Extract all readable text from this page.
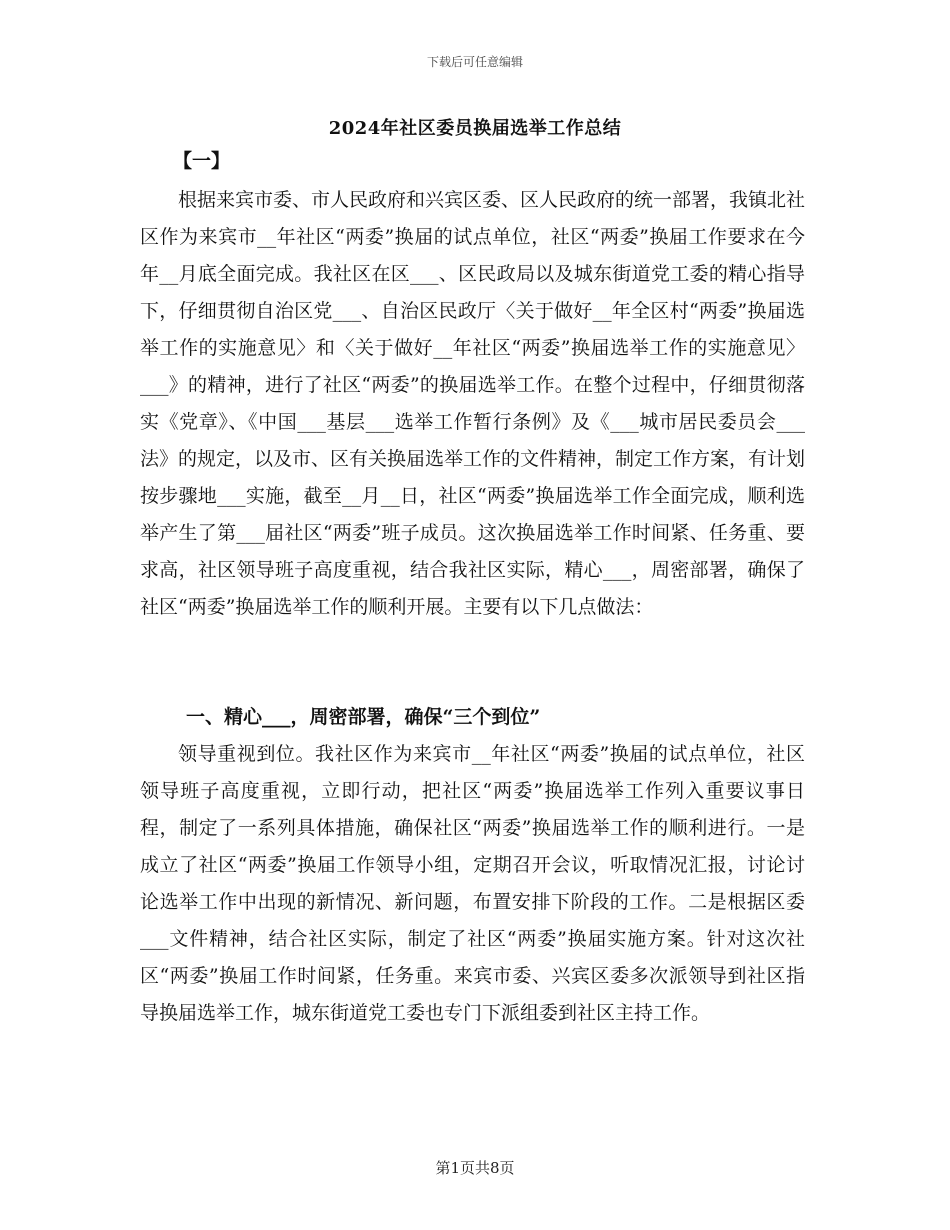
下载后可任意编辑
2024年社区委员换届选举工作总结
【一】

根据来宾市委、市人民政府和兴宾区委、区人民政府的统一部署，我镇北社区作为来宾市__年社区“两委”换届的试点单位，社区“两委”换届工作要求在今年__月底全面完成。我社区在区___、区民政局以及城东街道党工委的精心指导下，仔细贯彻自治区党___、自治区民政厅〈关于做好__年全区村“两委”换届选举工作的实施意见〉和〈关于做好__年社区“两委”换届选举工作的实施意见〉___》的精神，进行了社区“两委”的换届选举工作。在整个过程中，仔细贯彻落实《党章》、《中国___基层___选举工作暂行条例》及《___城市居民委员会___法》的规定，以及市、区有关换届选举工作的文件精神，制定工作方案，有计划按步骤地___实施，截至__月__日，社区“两委”换届选举工作全面完成，顺利选举产生了第___届社区“两委”班子成员。这次换届选举工作时间紧、任务重、要求高，社区领导班子高度重视，结合我社区实际，精心___，周密部署，确保了社区“两委”换届选举工作的顺利开展。主要有以下几点做法：

一、精心___，周密部署，确保“三个到位”

领导重视到位。我社区作为来宾市__年社区“两委”换届的试点单位，社区领导班子高度重视，立即行动，把社区“两委”换届选举工作列入重要议事日程，制定了一系列具体措施，确保社区“两委”换届选举工作的顺利进行。一是成立了社区“两委”换届工作领导小组，定期召开会议，听取情况汇报，讨论讨论选举工作中出现的新情况、新问题，布置安排下阶段的工作。二是根据区委___文件精神，结合社区实际，制定了社区“两委”换届实施方案。针对这次社区“两委”换届工作时间紧，任务重。来宾市委、兴宾区委多次派领导到社区指导换届选举工作，城东街道党工委也专门下派组委到社区主持工作。

第1页共8页
